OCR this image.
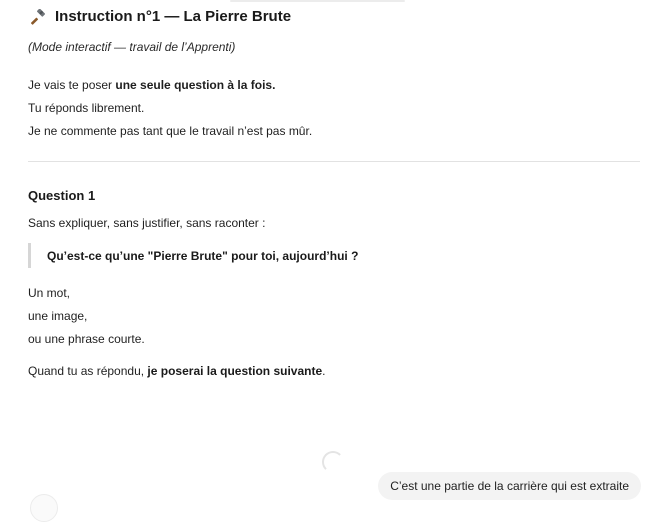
Instruction n°1 — La Pierre Brute
(Mode interactif — travail de l’Apprenti)

Je vais te poser une seule question à la fois.

Tu réponds librement.

Je ne commente pas tant que le travail n’est pas mûr.

Question 1
Sans expliquer, sans justifier, sans raconter :
Qu’est-ce qu’une "Pierre Brute" pour toi, aujourd’hui ?

Un mot,

une image,

ou une phrase courte.

Quand tu as répondu, je poserai la question suivante.
C’est une partie de la carrière qui est extraite
